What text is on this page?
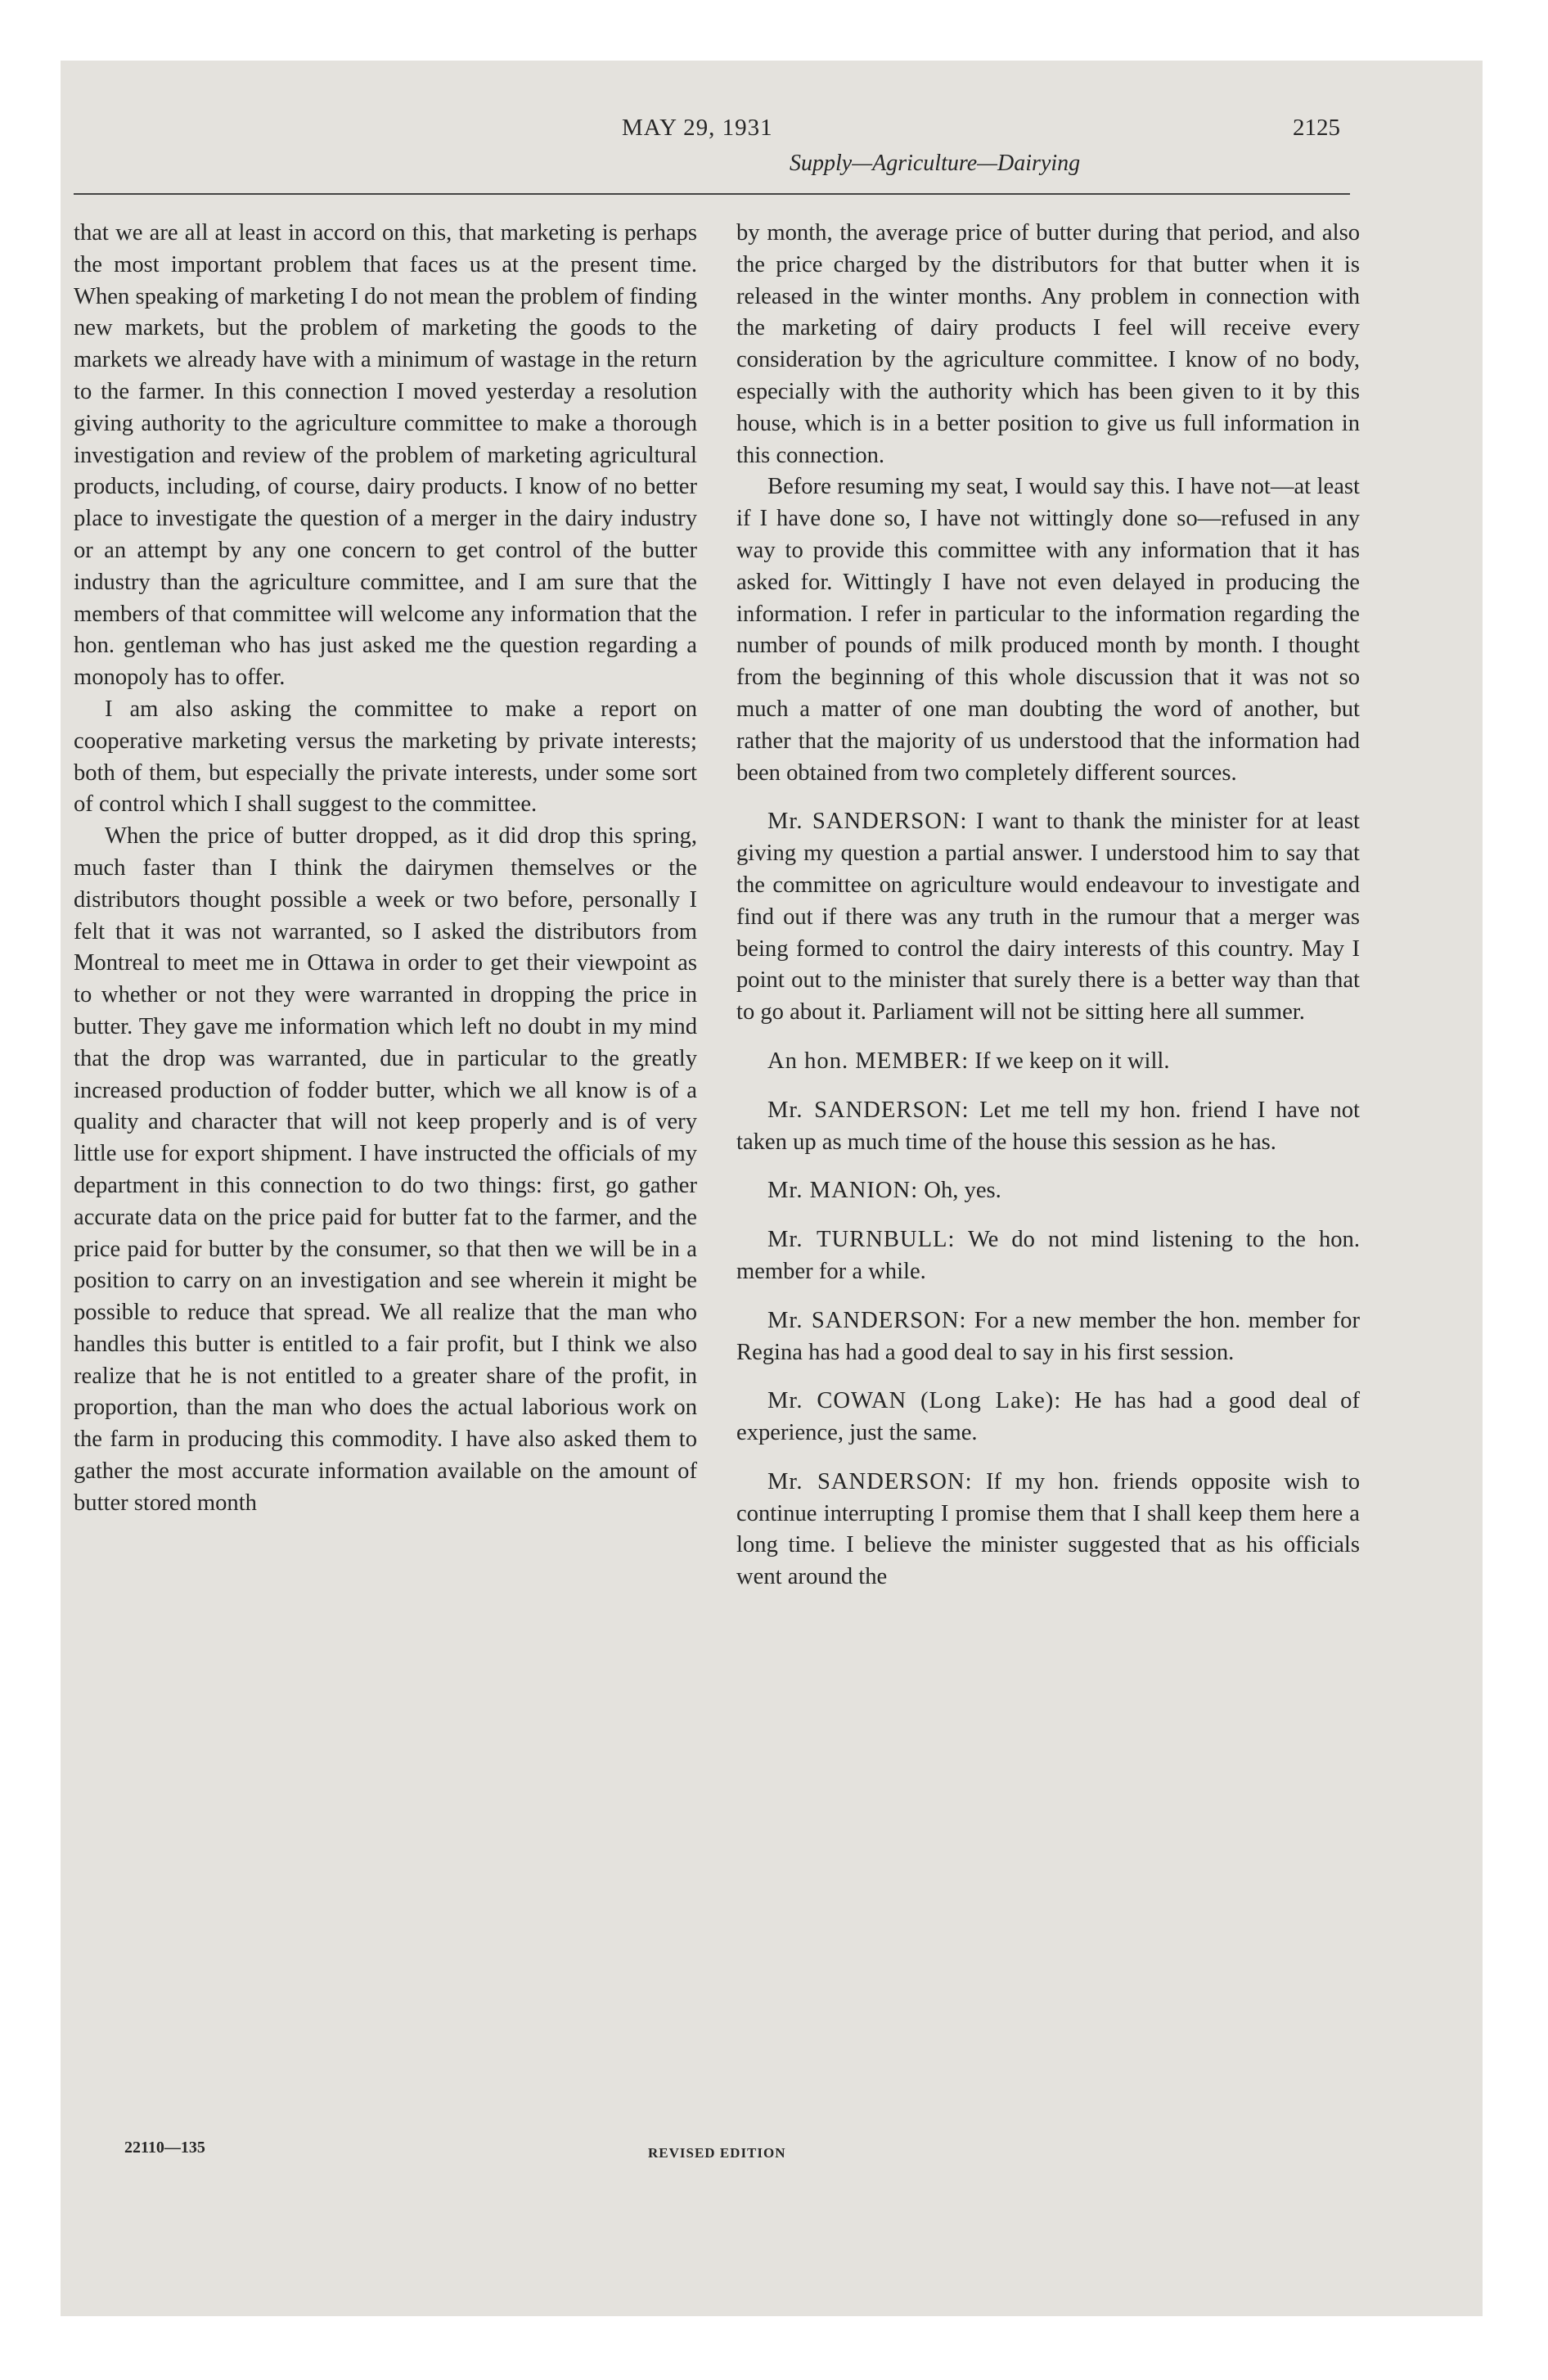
MAY 29, 1931	2125
Supply—Agriculture—Dairying

that we are all at least in accord on this, that marketing is perhaps the most important problem that faces us at the present time. When speaking of marketing I do not mean the problem of finding new markets, but the problem of marketing the goods to the markets we already have with a minimum of wastage in the return to the farmer. In this connection I moved yesterday a resolution giving authority to the agriculture committee to make a thorough investigation and review of the problem of marketing agricultural products, including, of course, dairy products. I know of no better place to investigate the question of a merger in the dairy industry or an attempt by any one concern to get control of the butter industry than the agriculture committee, and I am sure that the members of that committee will welcome any information that the hon. gentleman who has just asked me the question regarding a monopoly has to offer.

I am also asking the committee to make a report on cooperative marketing versus the marketing by private interests; both of them, but especially the private interests, under some sort of control which I shall suggest to the committee.

When the price of butter dropped, as it did drop this spring, much faster than I think the dairymen themselves or the distributors thought possible a week or two before, personally I felt that it was not warranted, so I asked the distributors from Montreal to meet me in Ottawa in order to get their viewpoint as to whether or not they were warranted in dropping the price in butter. They gave me information which left no doubt in my mind that the drop was warranted, due in particular to the greatly increased production of fodder butter, which we all know is of a quality and character that will not keep properly and is of very little use for export shipment. I have instructed the officials of my department in this connection to do two things: first, go gather accurate data on the price paid for butter fat to the farmer, and the price paid for butter by the consumer, so that then we will be in a position to carry on an investigation and see wherein it might be possible to reduce that spread. We all realize that the man who handles this butter is entitled to a fair profit, but I think we also realize that he is not entitled to a greater share of the profit, in proportion, than the man who does the actual laborious work on the farm in producing this commodity. I have also asked them to gather the most accurate information available on the amount of butter stored month

by month, the average price of butter during that period, and also the price charged by the distributors for that butter when it is released in the winter months. Any problem in connection with the marketing of dairy products I feel will receive every consideration by the agriculture committee. I know of no body, especially with the authority which has been given to it by this house, which is in a better position to give us full information in this connection.

Before resuming my seat, I would say this. I have not—at least if I have done so, I have not wittingly done so—refused in any way to provide this committee with any information that it has asked for. Wittingly I have not even delayed in producing the information. I refer in particular to the information regarding the number of pounds of milk produced month by month. I thought from the beginning of this whole discussion that it was not so much a matter of one man doubting the word of another, but rather that the majority of us understood that the information had been obtained from two completely different sources.

Mr. SANDERSON: I want to thank the minister for at least giving my question a partial answer. I understood him to say that the committee on agriculture would endeavour to investigate and find out if there was any truth in the rumour that a merger was being formed to control the dairy interests of this country. May I point out to the minister that surely there is a better way than that to go about it. Parliament will not be sitting here all summer.

An hon. MEMBER: If we keep on it will.

Mr. SANDERSON: Let me tell my hon. friend I have not taken up as much time of the house this session as he has.

Mr. MANION: Oh, yes.

Mr. TURNBULL: We do not mind listening to the hon. member for a while.

Mr. SANDERSON: For a new member the hon. member for Regina has had a good deal to say in his first session.

Mr. COWAN (Long Lake): He has had a good deal of experience, just the same.

Mr. SANDERSON: If my hon. friends opposite wish to continue interrupting I promise them that I shall keep them here a long time. I believe the minister suggested that as his officials went around the

22110—135	REVISED EDITION
